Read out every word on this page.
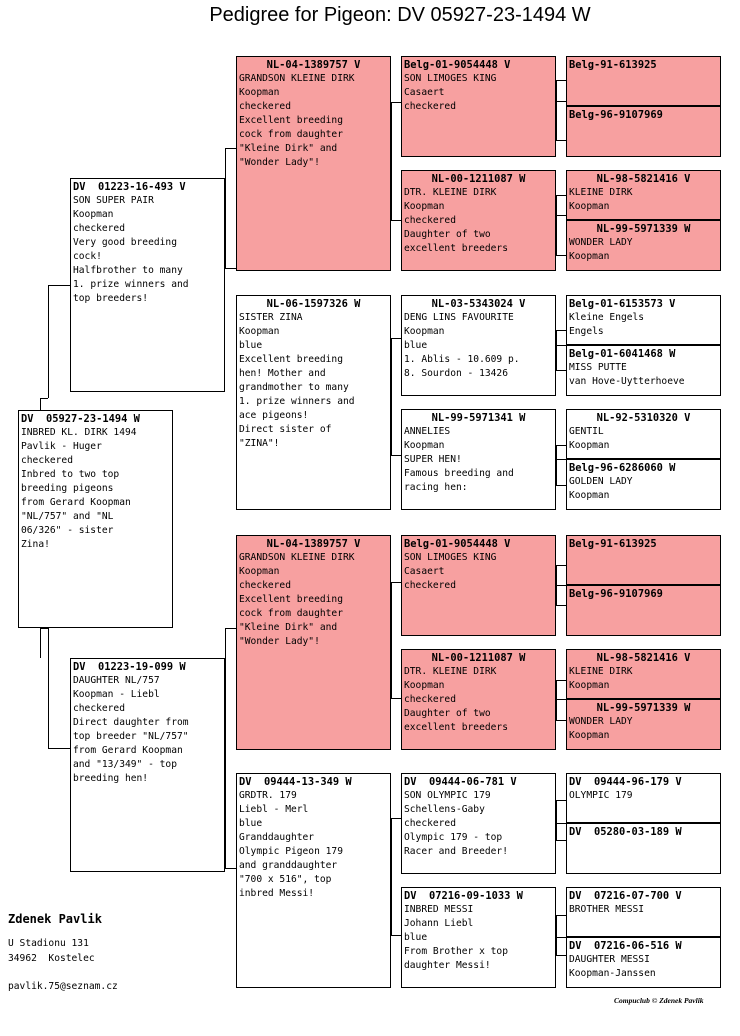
Pedigree for Pigeon: DV 05927-23-1494 W
DV  05927-23-1494 W
INBRED KL. DIRK 1494
Pavlik - Huger
checkered
Inbred to two top
breeding pigeons
from Gerard Koopman
"NL/757" and "NL
06/326" - sister
Zina!
DV  01223-16-493 V
SON SUPER PAIR
Koopman
checkered
Very good breeding
cock!
Halfbrother to many
1. prize winners and
top breeders!
DV  01223-19-099 W
DAUGHTER NL/757
Koopman - Liebl
checkered
Direct daughter from
top breeder "NL/757"
from Gerard Koopman
and "13/349" - top
breeding hen!
NL-04-1389757 V
GRANDSON KLEINE DIRK
Koopman
checkered
Excellent breeding
cock from daughter
"Kleine Dirk" and
"Wonder Lady"!
NL-06-1597326 W
SISTER ZINA
Koopman
blue
Excellent breeding
hen! Mother and
grandmother to many
1. prize winners and
ace pigeons!
Direct sister of
"ZINA"!
NL-04-1389757 V
GRANDSON KLEINE DIRK
Koopman
checkered
Excellent breeding
cock from daughter
"Kleine Dirk" and
"Wonder Lady"!
DV  09444-13-349 W
GRDTR. 179
Liebl - Merl
blue
Granddaughter
Olympic Pigeon 179
and granddaughter
"700 x 516", top
inbred Messi!
Belg-01-9054448 V
SON LIMOGES KING
Casaert
checkered
NL-00-1211087 W
DTR. KLEINE DIRK
Koopman
checkered
Daughter of two
excellent breeders
NL-03-5343024 V
DENG LINS FAVOURITE
Koopman
blue
1. Ablis - 10.609 p.
8. Sourdon - 13426
NL-99-5971341 W
ANNELIES
Koopman
SUPER HEN!
Famous breeding and
racing hen:
Belg-01-9054448 V
SON LIMOGES KING
Casaert
checkered
NL-00-1211087 W
DTR. KLEINE DIRK
Koopman
checkered
Daughter of two
excellent breeders
DV  09444-06-781 V
SON OLYMPIC 179
Schellens-Gaby
checkered
Olympic 179 - top
Racer and Breeder!
DV  07216-09-1033 W
INBRED MESSI
Johann Liebl
blue
From Brother x top
daughter Messi!
Belg-91-613925
Belg-96-9107969
NL-98-5821416 V
KLEINE DIRK
Koopman
NL-99-5971339 W
WONDER LADY
Koopman
Belg-01-6153573 V
Kleine Engels
Engels
Belg-01-6041468 W
MISS PUTTE
van Hove-Uytterhoeve
NL-92-5310320 V
GENTIL
Koopman
Belg-96-6286060 W
GOLDEN LADY
Koopman
Belg-91-613925
Belg-96-9107969
NL-98-5821416 V
KLEINE DIRK
Koopman
NL-99-5971339 W
WONDER LADY
Koopman
DV  09444-96-179 V
OLYMPIC 179
DV  05280-03-189 W
DV  07216-07-700 V
BROTHER MESSI
DV  07216-06-516 W
DAUGHTER MESSI
Koopman-Janssen
Zdenek Pavlik
U Stadionu 131
34962  Kostelec
pavlik.75@seznam.cz
Compuclub © Zdenek Pavlik
